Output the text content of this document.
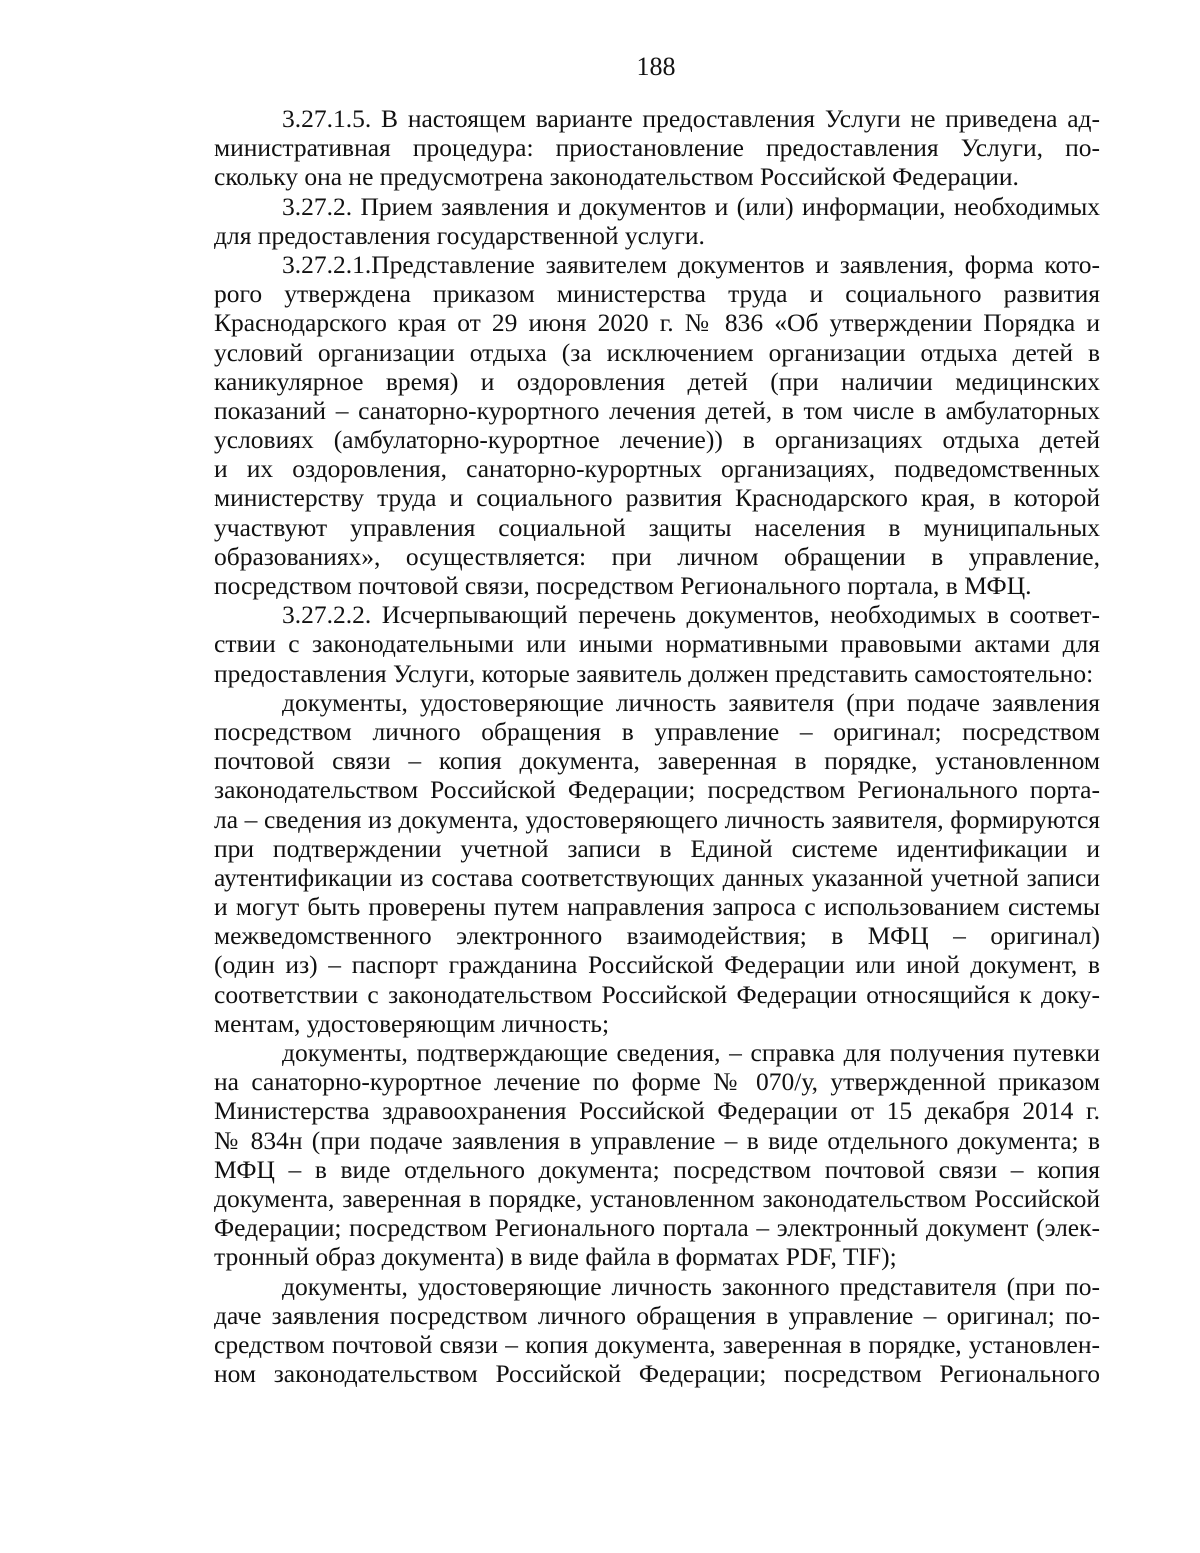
188
3.27.1.5. В настоящем варианте предоставления Услуги не приведена ад-
министративная процедура: приостановление предоставления Услуги, по-
скольку она не предусмотрена законодательством Российской Федерации.
3.27.2. Прием заявления и документов и (или) информации, необходимых
для предоставления государственной услуги.
3.27.2.1.Представление заявителем документов и заявления, форма кото-
рого утверждена приказом министерства труда и социального развития
Краснодарского края от 29 июня 2020 г. № 836 «Об утверждении Порядка и
условий организации отдыха (за исключением организации отдыха детей в
каникулярное время) и оздоровления детей (при наличии медицинских
показаний – санаторно-курортного лечения детей, в том числе в амбулаторных
условиях (амбулаторно-курортное лечение)) в организациях отдыха детей
и их оздоровления, санаторно-курортных организациях, подведомственных
министерству труда и социального развития Краснодарского края, в которой
участвуют управления социальной защиты населения в муниципальных
образованиях», осуществляется: при личном обращении в управление,
посредством почтовой связи, посредством Регионального портала, в МФЦ.
3.27.2.2. Исчерпывающий перечень документов, необходимых в соответ-
ствии с законодательными или иными нормативными правовыми актами для
предоставления Услуги, которые заявитель должен представить самостоятельно:
документы, удостоверяющие личность заявителя (при подаче заявления
посредством личного обращения в управление – оригинал; посредством
почтовой связи – копия документа, заверенная в порядке, установленном
законодательством Российской Федерации; посредством Регионального порта-
ла – сведения из документа, удостоверяющего личность заявителя, формируются
при подтверждении учетной записи в Единой системе идентификации и
аутентификации из состава соответствующих данных указанной учетной записи
и могут быть проверены путем направления запроса с использованием системы
межведомственного электронного взаимодействия; в МФЦ – оригинал)
(один из) – паспорт гражданина Российской Федерации или иной документ, в
соответствии с законодательством Российской Федерации относящийся к доку-
ментам, удостоверяющим личность;
документы, подтверждающие сведения, – справка для получения путевки
на санаторно-курортное лечение по форме № 070/у, утвержденной приказом
Министерства здравоохранения Российской Федерации от 15 декабря 2014 г.
№ 834н (при подаче заявления в управление – в виде отдельного документа; в
МФЦ – в виде отдельного документа; посредством почтовой связи – копия
документа, заверенная в порядке, установленном законодательством Российской
Федерации; посредством Регионального портала – электронный документ (элек-
тронный образ документа) в виде файла в форматах PDF, TIF);
документы, удостоверяющие личность законного представителя (при по-
даче заявления посредством личного обращения в управление – оригинал; по-
средством почтовой связи – копия документа, заверенная в порядке, установлен-
ном законодательством Российской Федерации; посредством Регионального
